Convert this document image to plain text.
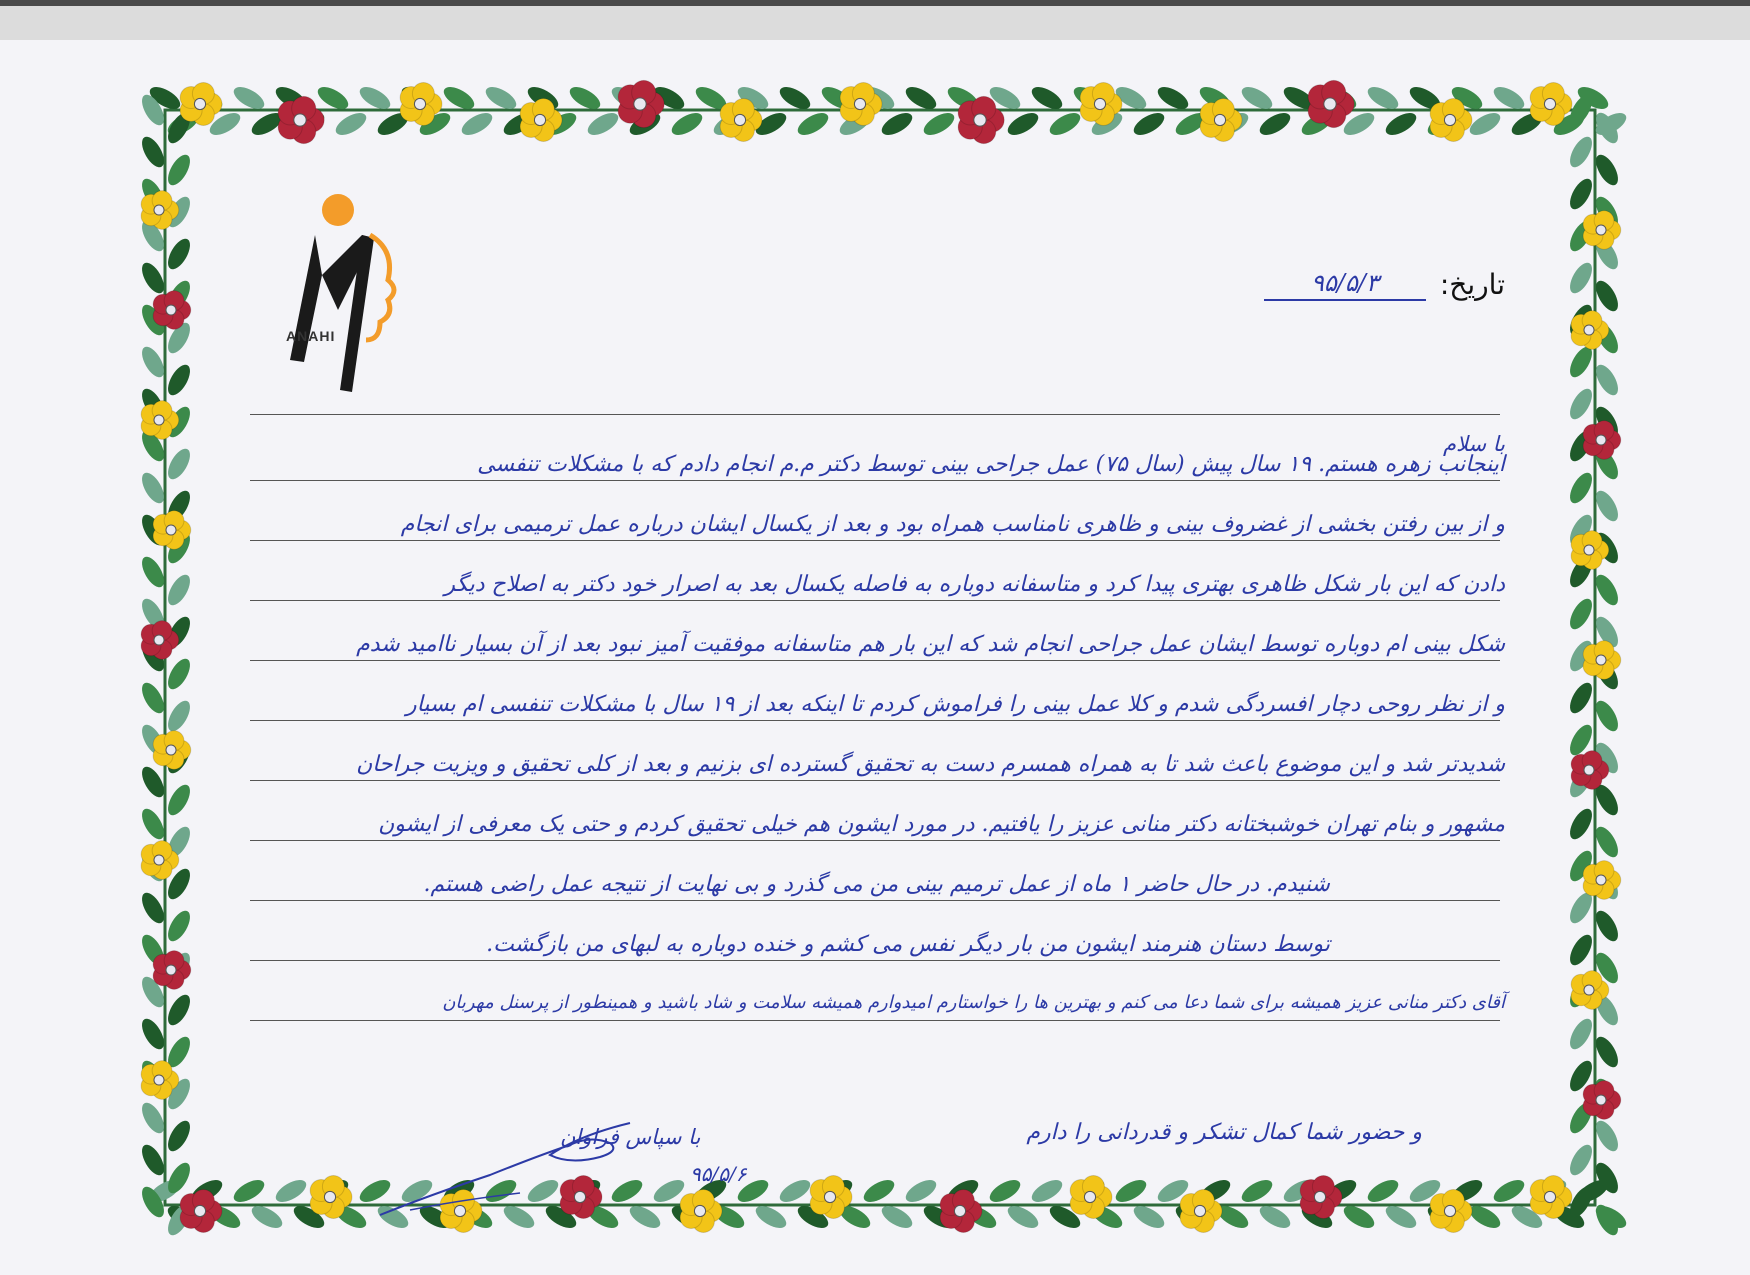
ANAHI
تاریخ:
۹۵/۵/۳
با سلام
اینجانب زهره هستم. ۱۹ سال پیش (سال ۷۵) عمل جراحی بینی توسط دکتر م.م انجام دادم که با مشکلات تنفسی
و از بین رفتن بخشی از غضروف بینی و ظاهری نامناسب همراه بود و بعد از یکسال ایشان درباره عمل ترمیمی برای انجام
دادن که این بار شکل ظاهری بهتری پیدا کرد و متاسفانه دوباره به فاصله یکسال بعد به اصرار خود دکتر به اصلاح دیگر
شکل بینی ام دوباره توسط ایشان عمل جراحی انجام شد که این بار هم متاسفانه موفقیت آمیز نبود بعد از آن بسیار ناامید شدم
و از نظر روحی دچار افسردگی شدم و کلا عمل بینی را فراموش کردم تا اینکه بعد از ۱۹ سال با مشکلات تنفسی ام بسیار
شدیدتر شد و این موضوع باعث شد تا به همراه همسرم دست به تحقیق گسترده ای بزنیم و بعد از کلی تحقیق و ویزیت جراحان
مشهور و بنام تهران خوشبختانه دکتر منانی عزیز را یافتیم. در مورد ایشون هم خیلی تحقیق کردم و حتی یک معرفی از ایشون
شنیدم. در حال حاضر ۱ ماه از عمل ترمیم بینی من می گذرد و بی نهایت از نتیجه عمل راضی هستم.
توسط دستان هنرمند ایشون من بار دیگر نفس می کشم و خنده دوباره به لبهای من بازگشت.
آقای دکتر منانی عزیز همیشه برای شما دعا می کنم و بهترین ها را خواستارم امیدوارم همیشه سلامت و شاد باشید و همینطور از پرسنل مهربان
و حضور شما کمال تشکر و قدردانی را دارم
با سپاس فراوان
۹۵/۵/۶
